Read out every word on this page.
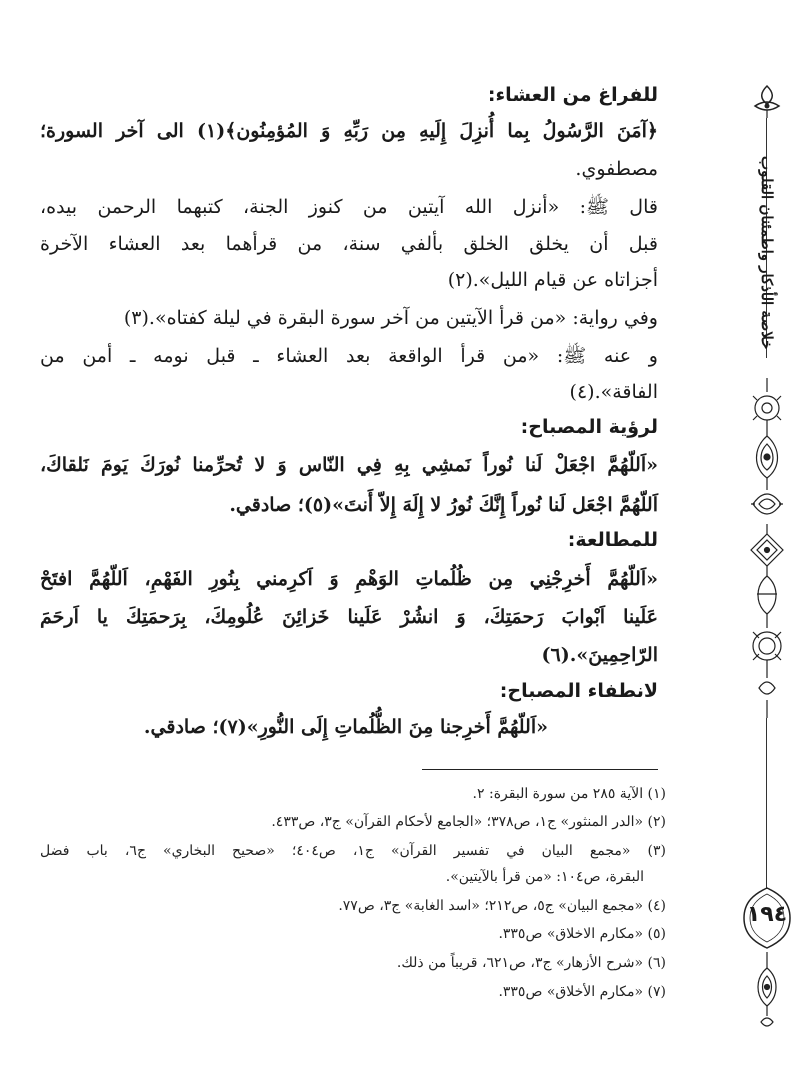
خلاصة الأذكار واطمئنان القلوب
١٩٤
للفراغ من العشاء:
﴿آمَنَ الرَّسُولُ بِما أُنزِلَ إِلَيهِ مِن رَبِّهِ وَ المُؤمِنُون﴾(١) الى آخر السورة؛
مصطفوي.
قال ﷺ: «أنزل الله آيتين من كنوز الجنة، كتبهما الرحمن بيده،
قبل أن يخلق الخلق بألفي سنة، من قرأهما بعد العشاء الآخرة
أجزاتاه عن قيام الليل».(٢)
وفي رواية: «من قرأ الآيتين من آخر سورة البقرة في ليلة كفتاه».(٣)
و عنه ﷺ: «من قرأ الواقعة بعد العشاء ـ قبل نومه ـ أمن من
الفاقة».(٤)
لرؤية المصباح:
«اَللّهُمَّ اجْعَلْ لَنا نُوراً نَمشِي بِهِ فِي النّاس وَ لا تُحرِّمنا نُورَكَ يَومَ نَلقاكَ،
اَللّهُمَّ اجْعَل لَنا نُوراً إِنَّكَ نُورُ لا إِلَهَ إِلاّ أَنتَ»(٥)؛ صادقي.
للمطالعة:
«اَللّهُمَّ أَخرِجْنِي مِن ظُلُماتِ الوَهْمِ وَ اَكرِمني بِنُورِ الفَهْمِ، اَللّهُمَّ افتَحْ
عَلَينا اَبْوابَ رَحمَتِكَ، وَ انشُرْ عَلَينا خَزائِنَ عُلُومِكَ، بِرَحمَتِكَ يا اَرحَمَ
الرّاحِمِينَ».(٦)
لانطفاء المصباح:
«اَللّهُمَّ أَخرِجنا مِنَ الظُّلُماتِ إِلَى النُّورِ»(٧)؛ صادقي.
(١) الآية ٢٨٥ من سورة البقرة: ٢.
(٢) «الدر المنثور» ج١، ص٣٧٨؛ «الجامع لأحكام القرآن» ج٣، ص٤٣٣.
(٣) «مجمع البيان في تفسير القرآن» ج١، ص٤٠٤؛ «صحيح البخاري» ج٦، باب فضل
البقرة، ص١٠٤: «من قرأ بالآيتين».
(٤) «مجمع البيان» ج٥، ص٢١٢؛ «اسد الغابة» ج٣، ص٧٧.
(٥) «مكارم الاخلاق» ص٣٣٥.
(٦) «شرح الأزهار» ج٣، ص٦٢١، قريباً من ذلك.
(٧) «مكارم الأخلاق» ص٣٣٥.
